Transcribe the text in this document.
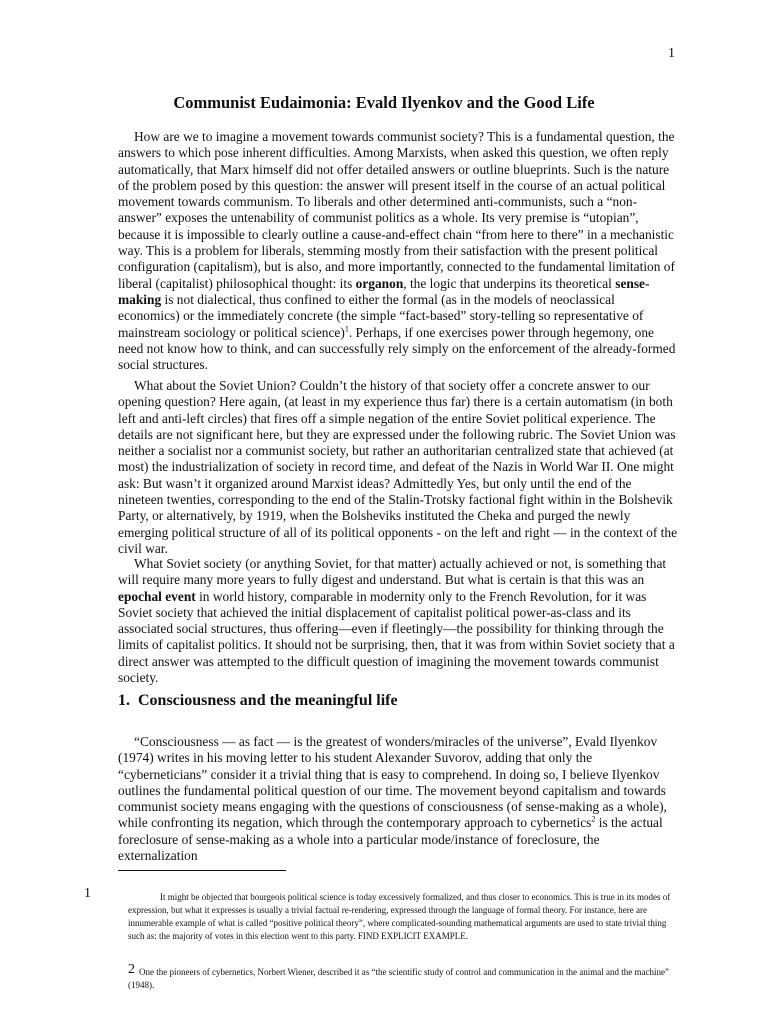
1
Communist Eudaimonia: Evald Ilyenkov and the Good Life

How are we to imagine a movement towards communist society? This is a fundamental question, the answers to which pose inherent difficulties. Among Marxists, when asked this question, we often reply automatically, that Marx himself did not offer detailed answers or outline blueprints. Such is the nature of the problem posed by this question: the answer will present itself in the course of an actual political movement towards communism. To liberals and other determined anti-communists, such a “non-answer” exposes the untenability of communist politics as a whole. Its very premise is “utopian”, because it is impossible to clearly outline a cause-and-effect chain “from here to there” in a mechanistic way. This is a problem for liberals, stemming mostly from their satisfaction with the present political configuration (capitalism), but is also, and more importantly, connected to the fundamental limitation of liberal (capitalist) philosophical thought: its organon, the logic that underpins its theoretical sense-making is not dialectical, thus confined to either the formal (as in the models of neoclassical economics) or the immediately concrete (the simple “fact-based” story-telling so representative of mainstream sociology or political science)$^1$. Perhaps, if one exercises power through hegemony, one need not know how to think, and can successfully rely simply on the enforcement of the already-formed social structures.

What about the Soviet Union? Couldn’t the history of that society offer a concrete answer to our opening question? Here again, (at least in my experience thus far) there is a certain automatism (in both left and anti-left circles) that fires off a simple negation of the entire Soviet political experience. The details are not significant here, but they are expressed under the following rubric. The Soviet Union was neither a socialist nor a communist society, but rather an authoritarian centralized state that achieved (at most) the industrialization of society in record time, and defeat of the Nazis in World War II. One might ask: But wasn’t it organized around Marxist ideas? Admittedly Yes, but only until the end of the nineteen twenties, corresponding to the end of the Stalin-Trotsky factional fight within in the Bolshevik Party, or alternatively, by 1919, when the Bolsheviks instituted the Cheka and purged the newly emerging political structure of all of its political opponents - on the left and right — in the context of the civil war.

What Soviet society (or anything Soviet, for that matter) actually achieved or not, is something that will require many more years to fully digest and understand. But what is certain is that this was an epochal event in world history, comparable in modernity only to the French Revolution, for it was Soviet society that achieved the initial displacement of capitalist political power-as-class and its associated social structures, thus offering—even if fleetingly—the possibility for thinking through the limits of capitalist politics. It should not be surprising, then, that it was from within Soviet society that a direct answer was attempted to the difficult question of imagining the movement towards communist society.

1. Consciousness and the meaningful life

“Consciousness — as fact — is the greatest of wonders/miracles of the universe”, Evald Ilyenkov (1974) writes in his moving letter to his student Alexander Suvorov, adding that only the “cyberneticians” consider it a trivial thing that is easy to comprehend. In doing so, I believe Ilyenkov outlines the fundamental political question of our time. The movement beyond capitalism and towards communist society means engaging with the questions of consciousness (of sense-making as a whole), while confronting its negation, which through the contemporary approach to cybernetics$^2$ is the actual foreclosure of sense-making as a whole into a particular mode/instance of foreclosure, the externalization

1	It might be objected that bourgeois political science is today excessively formalized, and thus closer to economics. This is true in its modes of expression, but what it expresses is usually a trivial factual re-rendering, expressed through the language of formal theory. For instance, here are innumerable example of what is called “positive political theory”, where complicated-sounding mathematical arguments are used to state trivial thing such as: the majority of votes in this election went to this party. FIND EXPLICIT EXAMPLE.

One the pioneers of cybernetics, Norbert Wiener, described it as “the scientific study of control and communication in the animal and the machine” (1948).

2
